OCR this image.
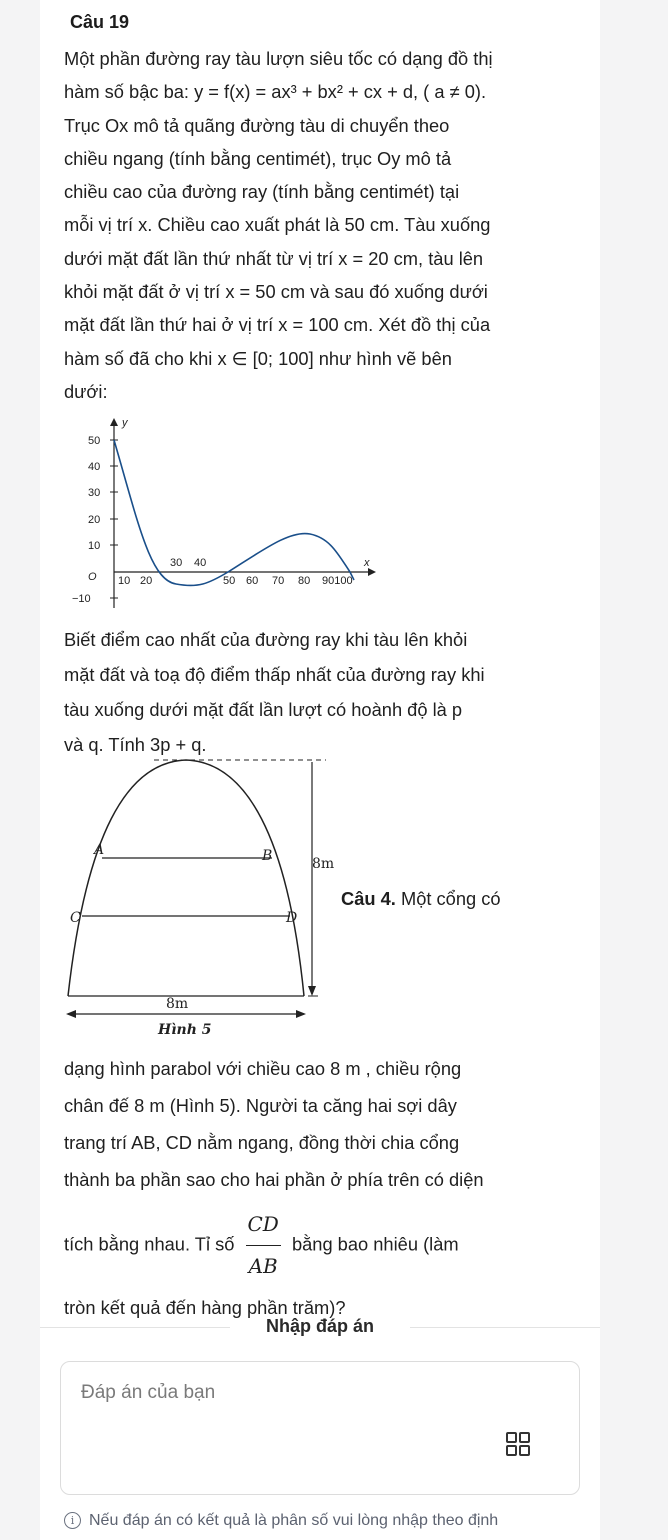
Câu 19
Một phần đường ray tàu lượn siêu tốc có dạng đồ thị
hàm số bậc ba: y = f(x) = ax³ + bx² + cx + d, ( a ≠ 0).
Trục Ox mô tả quãng đường tàu di chuyển theo
chiều ngang (tính bằng centimét), trục Oy mô tả
chiều cao của đường ray (tính bằng centimét) tại
mỗi vị trí x. Chiều cao xuất phát là 50 cm. Tàu xuống
dưới mặt đất lần thứ nhất từ vị trí x = 20 cm, tàu lên
khỏi mặt đất ở vị trí x = 50 cm và sau đó xuống dưới
mặt đất lần thứ hai ở vị trí x = 100 cm. Xét đồ thị của
hàm số đã cho khi x ∈ [0; 100] như hình vẽ bên
dưới:
y
50
40
30
20
10
−10
O 10 20	50 60 70 80 90100
30 40	x
Biết điểm cao nhất của đường ray khi tàu lên khỏi
mặt đất và toạ độ điểm thấp nhất của đường ray khi
tàu xuống dưới mặt đất lần lượt có hoành độ là p
và q. Tính 3p + q.
A	B
C	D
8m
8m
Hình 5
Câu 4. Một cổng có
dạng hình parabol với chiều cao 8 m , chiều rộng
chân đế 8 m (Hình 5). Người ta căng hai sợi dây
trang trí AB, CD nằm ngang, đồng thời chia cổng
thành ba phần sao cho hai phần ở phía trên có diện
tích bằng nhau. Tỉ số $\frac{CD}{AB}$ bằng bao nhiêu (làm
tròn kết quả đến hàng phần trăm)?
Nhập đáp án
Đáp án của bạn
i Nếu đáp án có kết quả là phân số vui lòng nhập theo định
